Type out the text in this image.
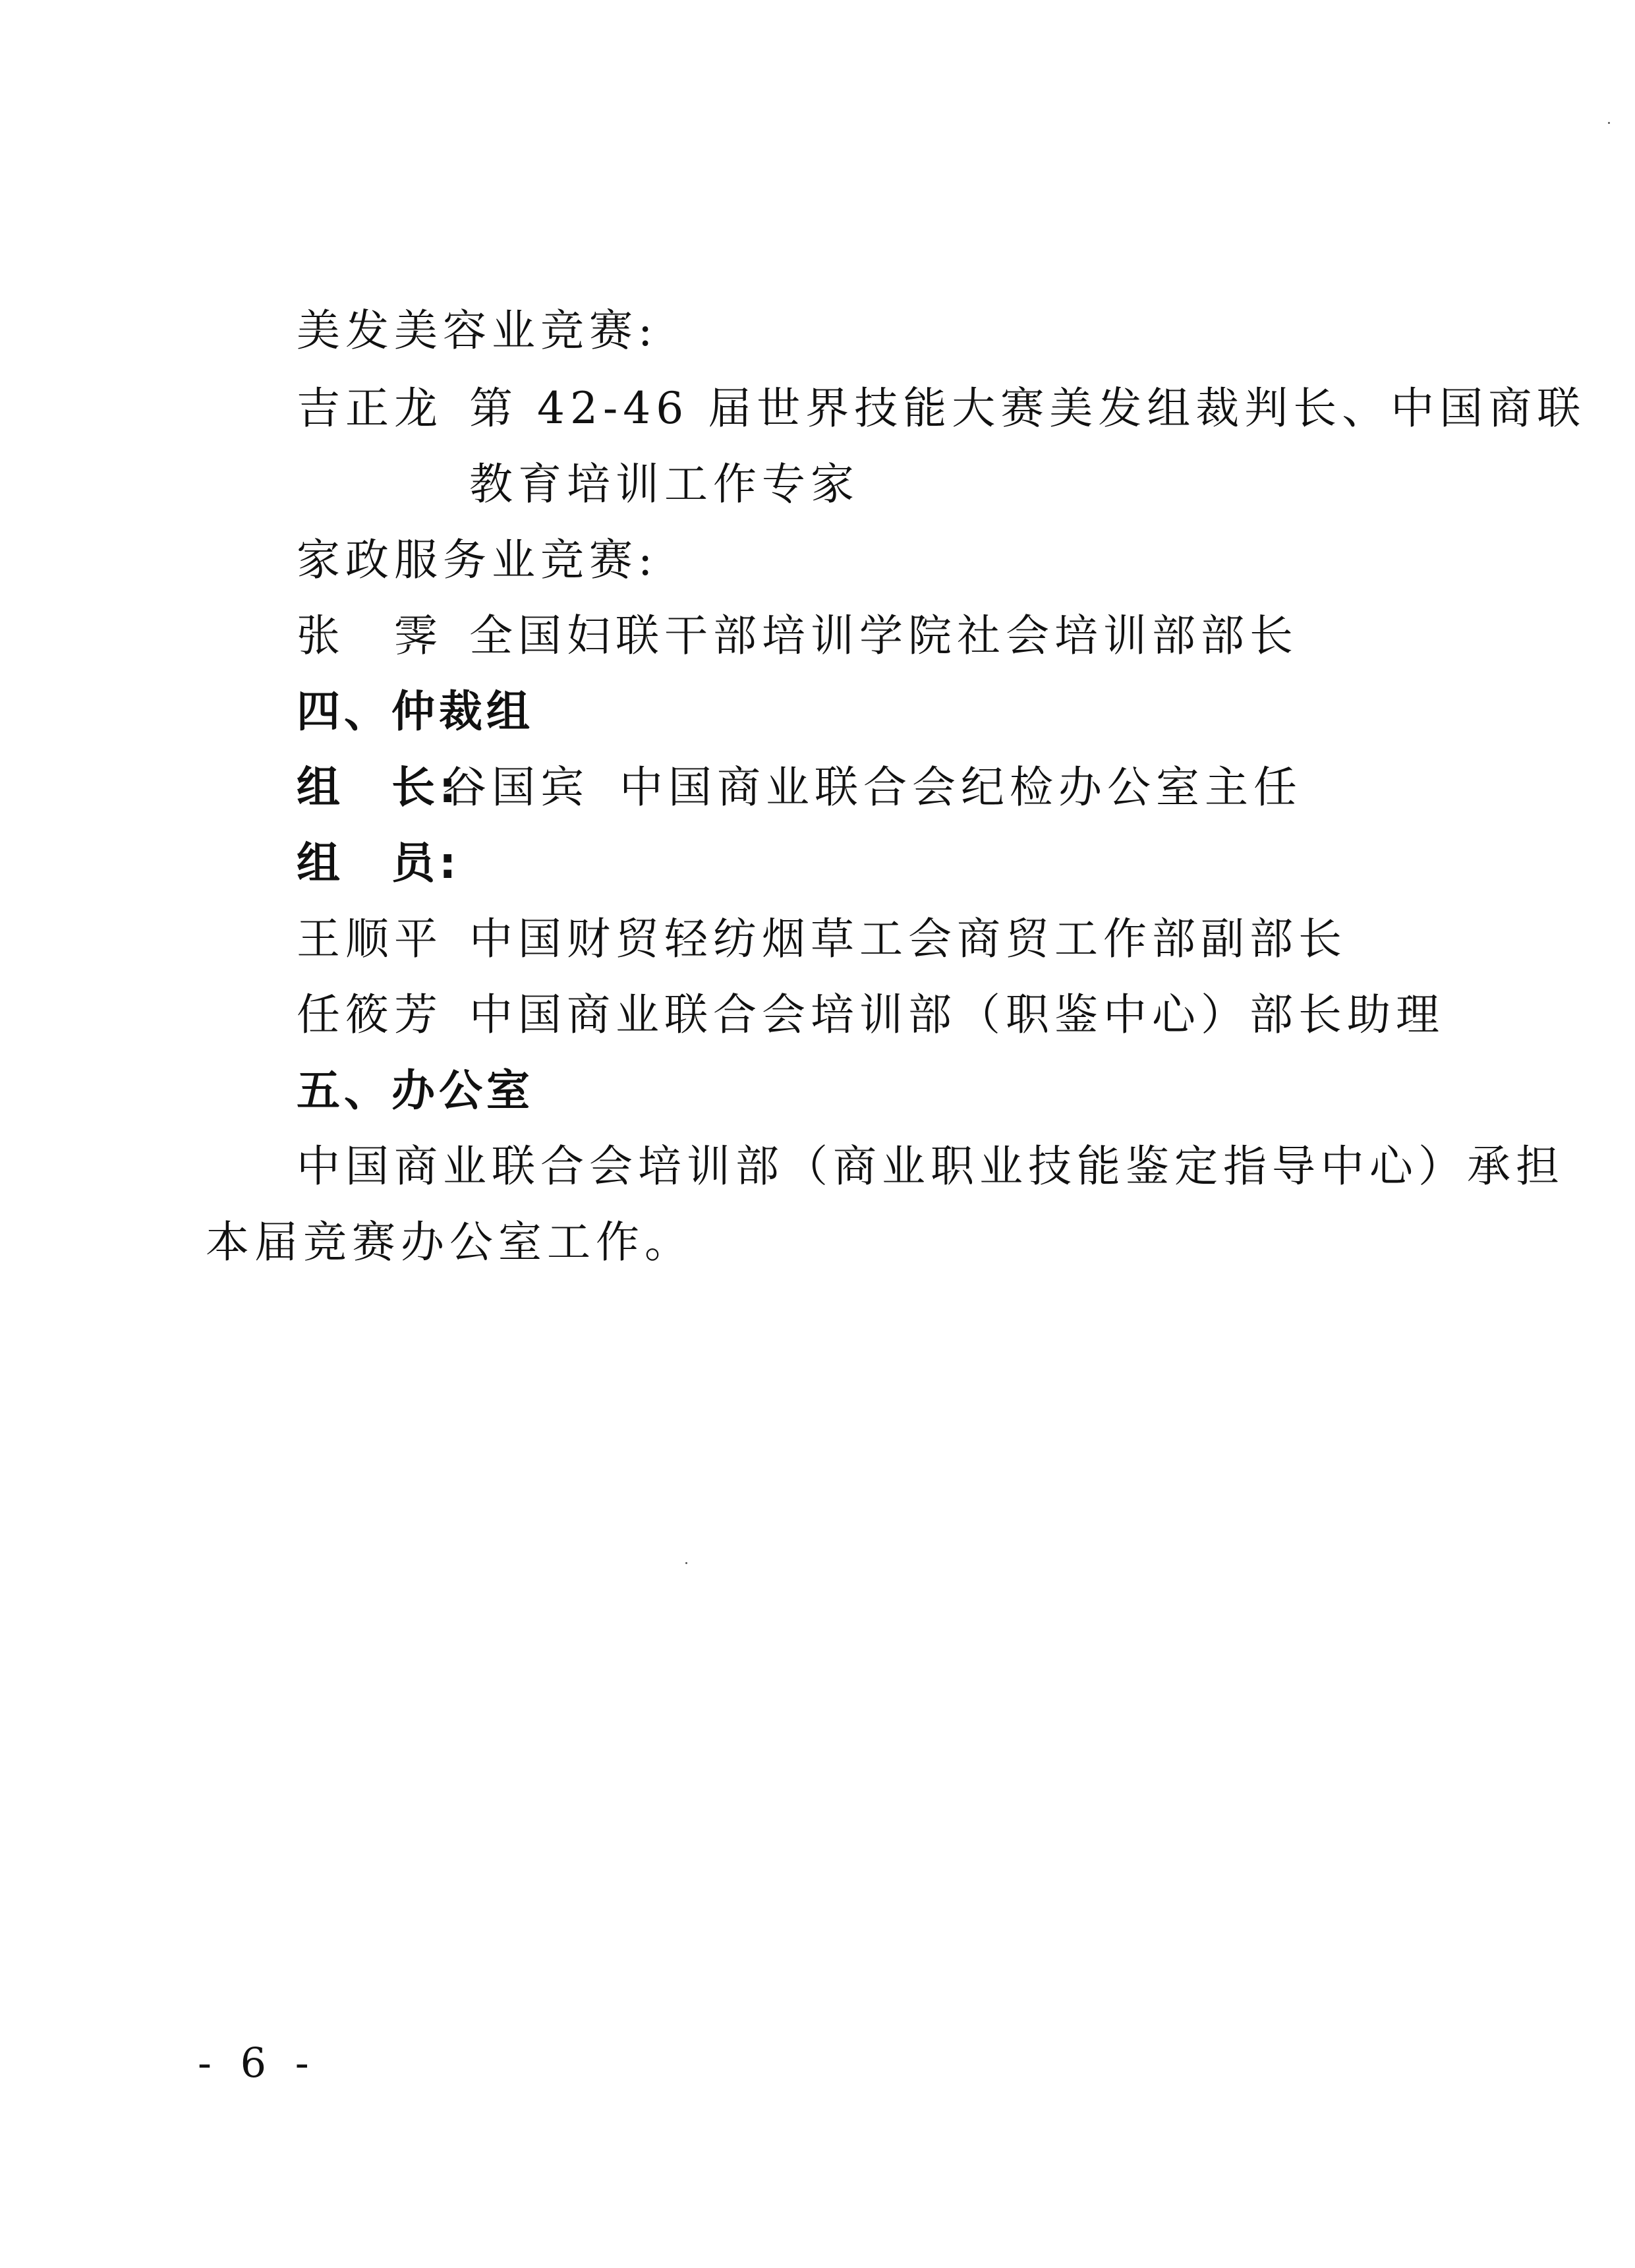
美发美容业竞赛:
吉正龙 第 42-46 届世界技能大赛美发组裁判长、中国商联
教育培训工作专家
家政服务业竞赛:
张　霁 全国妇联干部培训学院社会培训部部长
四、仲裁组
组　长:谷国宾 中国商业联合会纪检办公室主任
组　员:
王顺平 中国财贸轻纺烟草工会商贸工作部副部长
任筱芳 中国商业联合会培训部（职鉴中心）部长助理
五、办公室
中国商业联合会培训部（商业职业技能鉴定指导中心）承担
本届竞赛办公室工作。
- 6 -
